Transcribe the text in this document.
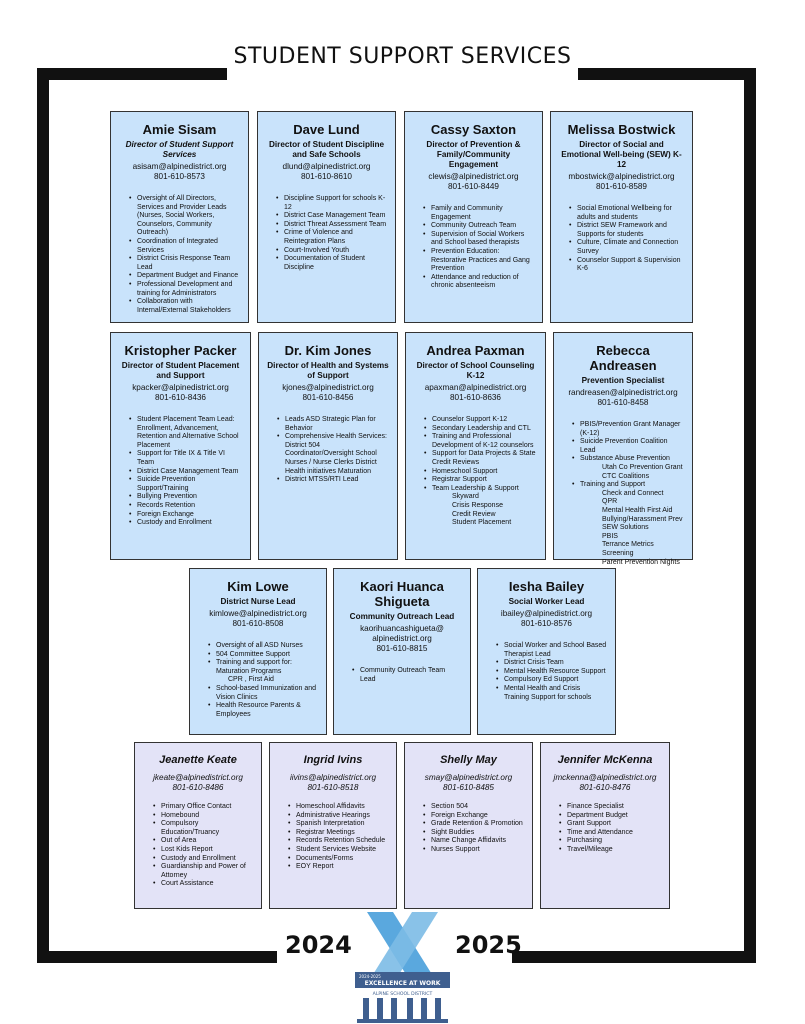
STUDENT SUPPORT SERVICES
Amie Sisam
Director of Student Support Services
asisam@alpinedistrict.org
801-610-8573
• Oversight of All Directors, Services and Provider Leads (Nurses, Social Workers, Counselors, Community Outreach)
• Coordination of Integrated Services
• District Crisis Response Team Lead
• Department Budget and Finance
• Professional Development and training for Administrators
• Collaboration with Internal/External Stakeholders
Dave Lund
Director of Student Discipline and Safe Schools
dlund@alpinedistrict.org
801-610-8610
• Discipline Support for schools K-12
• District Case Management Team
• District Threat Assessment Team
• Crime of Violence and Reintegration Plans
• Court-Involved Youth
• Documentation of Student Discipline
Cassy Saxton
Director of Prevention & Family/Community Engagement
clewis@alpinedistrict.org
801-610-8449
• Family and Community Engagement
• Community Outreach Team
• Supervision of Social Workers and School based therapists
• Prevention Education: Restorative Practices and Gang Prevention
• Attendance and reduction of chronic absenteeism
Melissa Bostwick
Director of Social and Emotional Well-being (SEW) K-12
mbostwick@alpinedistrict.org
801-610-8589
• Social Emotional Wellbeing for adults and students
• District SEW Framework and Supports for students
• Culture, Climate and Connection Survey
• Counselor Support & Supervision K-6
Kristopher Packer
Director of Student Placement and Support
kpacker@alpinedistrict.org
801-610-8436
• Student Placement Team Lead: Enrollment, Advancement, Retention and Alternative School Placement
• Support for Title IX & Title VI Team
• District Case Management Team
• Suicide Prevention Support/Training
• Bullying Prevention
• Records Retention
• Foreign Exchange
• Custody and Enrollment
Dr. Kim Jones
Director of Health and Systems of Support
kjones@alpinedistrict.org
801-610-8456
• Leads ASD Strategic Plan for Behavior
• Comprehensive Health Services: District 504 Coordinator/Oversight School Nurses / Nurse Clerks District Health initiatives Maturation
• District MTSS/RTI Lead
Andrea Paxman
Director of School Counseling K-12
apaxman@alpinedistrict.org
801-610-8636
• Counselor Support K-12
• Secondary Leadership and CTL
• Training and Professional Development of K-12 counselors
• Support for Data Projects & State Credit Reviews
• Homeschool Support
• Registrar Support
• Team Leadership & Support
Skyward
Crisis Response
Credit Review
Student Placement
Rebecca Andreasen
Prevention Specialist
randreasen@alpinedistrict.org
801-610-8458
• PBIS/Prevention Grant Manager (K-12)
• Suicide Prevention Coalition Lead
• Substance Abuse Prevention
Utah Co Prevention Grant
CTC Coalitions
• Training and Support
Check and Connect
QPR
Mental Health First Aid
Bullying/Harassment Prev
SEW Solutions
PBIS
Terrance Metrics Screening
Parent Prevention Nights
Kim Lowe
District Nurse Lead
kimlowe@alpinedistrict.org
801-610-8508
• Oversight of all ASD Nurses
• 504 Committee Support
• Training and support for: Maturation Programs
CPR , First Aid
• School-based Immunization and Vision Clinics
• Health Resource Parents & Employees
Kaori Huanca Shigueta
Community Outreach Lead
kaorihuancashigueta@
alpinedistrict.org
801-610-8815
• Community Outreach Team Lead
Iesha Bailey
Social Worker Lead
ibailey@alpinedistrict.org
801-610-8576
• Social Worker and School Based Therapist Lead
• District Crisis Team
• Mental Health Resource Support
• Compulsory Ed Support
• Mental Health and Crisis Training Support for schools
Jeanette Keate
jkeate@alpinedistrict.org
801-610-8486
• Primary Office Contact
• Homebound
• Compulsory Education/Truancy
• Out of Area
• Lost Kids Report
• Custody and Enrollment
• Guardianship and Power of Attorney
• Court Assistance
Ingrid Ivins
iivins@alpinedistrict.org
801-610-8518
• Homeschool Affidavits
• Administrative Hearings
• Spanish Interpretation
• Registrar Meetings
• Records Retention Schedule
• Student Services Website
• Documents/Forms
• EOY Report
Shelly May
smay@alpinedistrict.org
801-610-8485
• Section 504
• Foreign Exchange
• Grade Retention & Promotion
• Sight Buddies
• Name Change Affidavits
• Nurses Support
Jennifer McKenna
jmckenna@alpinedistrict.org
801-610-8476
• Finance Specialist
• Department Budget
• Grant Support
• Time and Attendance
• Purchasing
• Travel/Mileage
2024	2025
2024-2025
EXCELLENCE AT WORK
ALPINE SCHOOL DISTRICT
